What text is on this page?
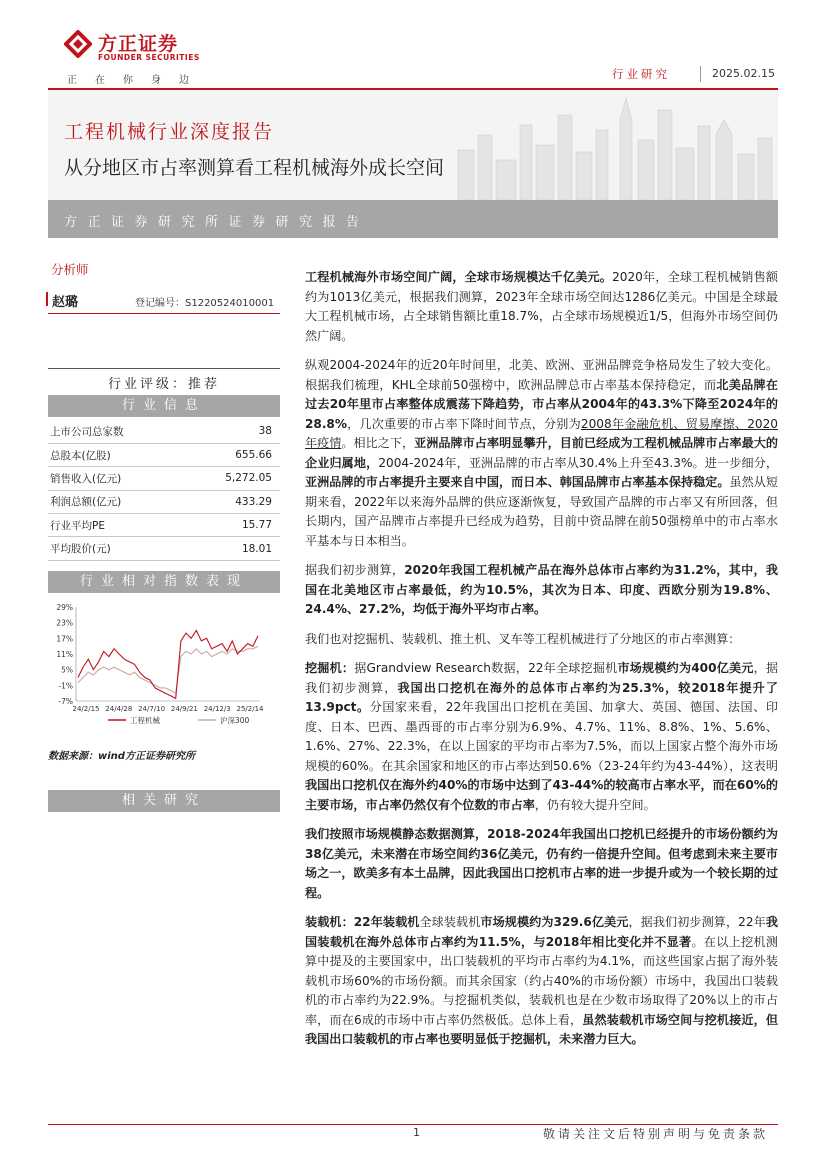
方正证券
FOUNDER SECURITIES
正在你身边	行业研究	2025.02.15
工程机械行业深度报告
从分地区市占率测算看工程机械海外成长空间
方正证券研究所证券研究报告
分析师
赵璐	登记编号：S1220524010001
行业评级：推荐
行业信息
上市公司总家数	38
总股本(亿股)	655.66
销售收入(亿元)	5,272.05
利润总额(亿元)	433.29
行业平均PE	15.77
平均股价(元)	18.01
行业相对指数表现
29%
23%
17%
11%
5%
-1%
-7%
24/2/15 24/4/28 24/7/10 24/9/21 24/12/3 25/2/14
工程机械	沪深300
数据来源：wind方正证券研究所
相关研究

工程机械海外市场空间广阔，全球市场规模达千亿美元。2020年，全球工程机械销售额约为1013亿美元，根据我们测算，2023年全球市场空间达1286亿美元。中国是全球最大工程机械市场，占全球销售额比重18.7%，占全球市场规模近1/5，但海外市场空间仍然广阔。

纵观2004-2024年的近20年时间里，北美、欧洲、亚洲品牌竞争格局发生了较大变化。根据我们梳理，KHL全球前50强榜中，欧洲品牌总市占率基本保持稳定，而北美品牌在过去20年里市占率整体成震荡下降趋势，市占率从2004年的43.3%下降至2024年的28.8%，几次重要的市占率下降时间节点，分别为2008年金融危机、贸易摩擦、2020年疫情。相比之下，亚洲品牌市占率明显攀升，目前已经成为工程机械品牌市占率最大的企业归属地，2004-2024年，亚洲品牌的市占率从30.4%上升至43.3%。进一步细分，亚洲品牌的市占率提升主要来自中国，而日本、韩国品牌市占率基本保持稳定。虽然从短期来看，2022年以来海外品牌的供应逐渐恢复，导致国产品牌的市占率又有所回落，但长期内，国产品牌市占率提升已经成为趋势，目前中资品牌在前50强榜单中的市占率水平基本与日本相当。

据我们初步测算，2020年我国工程机械产品在海外总体市占率约为31.2%，其中，我国在北美地区市占率最低，约为10.5%，其次为日本、印度、西欧分别为19.8%、24.4%、27.2%，均低于海外平均市占率。

我们也对挖掘机、装载机、推土机、叉车等工程机械进行了分地区的市占率测算：

挖掘机：据Grandview Research数据，22年全球挖掘机市场规模约为400亿美元，据我们初步测算，我国出口挖机在海外的总体市占率约为25.3%，较2018年提升了13.9pct。分国家来看，22年我国出口挖机在美国、加拿大、英国、德国、法国、印度、日本、巴西、墨西哥的市占率分别为6.9%、4.7%、11%、8.8%、1%、5.6%、1.6%、27%、22.3%，在以上国家的平均市占率为7.5%，而以上国家占整个海外市场规模的60%。在其余国家和地区的市占率达到50.6%（23-24年约为43-44%），这表明我国出口挖机仅在海外约40%的市场中达到了43-44%的较高市占率水平，而在60%的主要市场，市占率仍然仅有个位数的市占率，仍有较大提升空间。

我们按照市场规模静态数据测算，2018-2024年我国出口挖机已经提升的市场份额约为38亿美元，未来潜在市场空间约36亿美元，仍有约一倍提升空间。但考虑到未来主要市场之一，欧美多有本土品牌，因此我国出口挖机市占率的进一步提升或为一个较长期的过程。

装载机：22年装载机全球装载机市场规模约为329.6亿美元，据我们初步测算，22年我国装载机在海外总体市占率约为11.5%，与2018年相比变化并不显著。在以上挖机测算中提及的主要国家中，出口装载机的平均市占率约为4.1%，而这些国家占据了海外装载机市场60%的市场份额。而其余国家（约占40%的市场份额）市场中，我国出口装载机的市占率约为22.9%。与挖掘机类似，装载机也是在少数市场取得了20%以上的市占率，而在6成的市场中市占率仍然极低。总体上看，虽然装载机市场空间与挖机接近，但我国出口装载机的市占率也要明显低于挖掘机，未来潜力巨大。

1	敬请关注文后特别声明与免责条款
